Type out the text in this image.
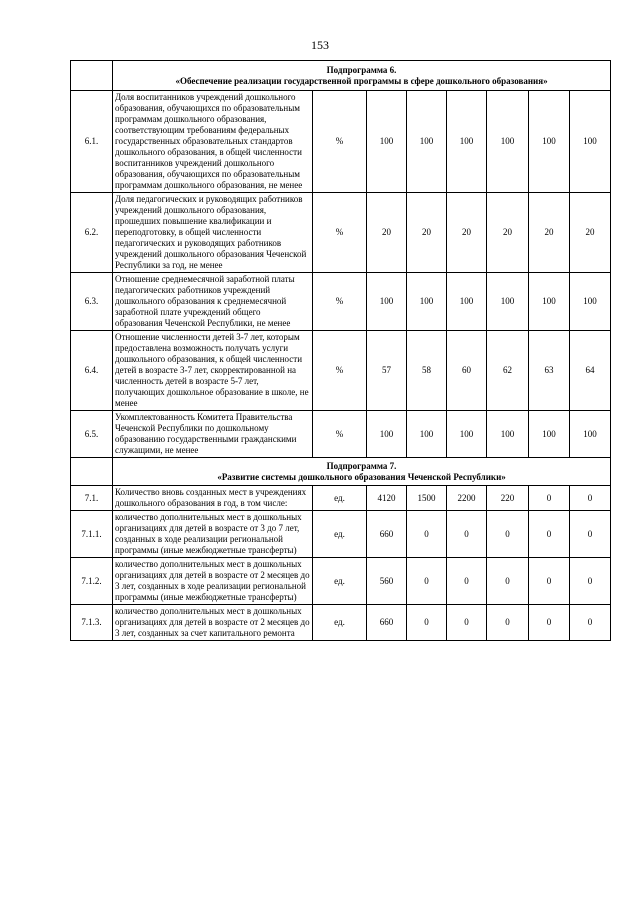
153

	Подпрограмма 6.
«Обеспечение реализации государственной программы в сфере дошкольного образования»							

6.1.	Доля воспитанников учреждений дошкольного образования, обучающихся по образовательным программам дошкольного образования, соответствующим требованиям федеральных государственных образовательных стандартов дошкольного образования, в общей численности воспитанников учреждений дошкольного образования, обучающихся по образовательным программам дошкольного образования, не менее	%	100	100	100	100	100	100
6.2.	Доля педагогических и руководящих работников учреждений дошкольного образования, прошедших повышение квалификации и переподготовку, в общей численности педагогических и руководящих работников учреждений дошкольного образования Чеченской Республики за год, не менее	%	20	20	20	20	20	20
6.3.	Отношение среднемесячной заработной платы педагогических работников учреждений дошкольного образования к среднемесячной заработной плате учреждений общего образования Чеченской Республики, не менее	%	100	100	100	100	100	100
6.4.	Отношение численности детей 3-7 лет, которым предоставлена возможность получать услуги дошкольного образования, к общей численности детей в возрасте 3-7 лет, скорректированной на численность детей в возрасте 5-7 лет, получающих дошкольное образование в школе, не менее	%	57	58	60	62	63	64
6.5.	Укомплектованность Комитета Правительства Чеченской Республики по дошкольному образованию государственными гражданскими служащими, не менее	%	100	100	100	100	100	100

	Подпрограмма 7.
«Развитие системы дошкольного образования Чеченской Республики»							

7.1.	Количество вновь созданных мест в учреждениях дошкольного образования в год, в том числе:	ед.	4120	1500	2200	220	0	0
7.1.1.	количество дополнительных мест в дошкольных организациях для детей в возрасте от 3 до 7 лет, созданных в ходе реализации региональной программы (иные межбюджетные трансферты)	ед.	660	0	0	0	0	0
7.1.2.	количество дополнительных мест в дошкольных организациях для детей в возрасте от 2 месяцев до 3 лет, созданных в ходе реализации региональной программы (иные межбюджетные трансферты)	ед.	560	0	0	0	0	0
7.1.3.	количество дополнительных мест в дошкольных организациях для детей в возрасте от 2 месяцев до 3 лет, созданных за счет капитального ремонта	ед.	660	0	0	0	0	0
